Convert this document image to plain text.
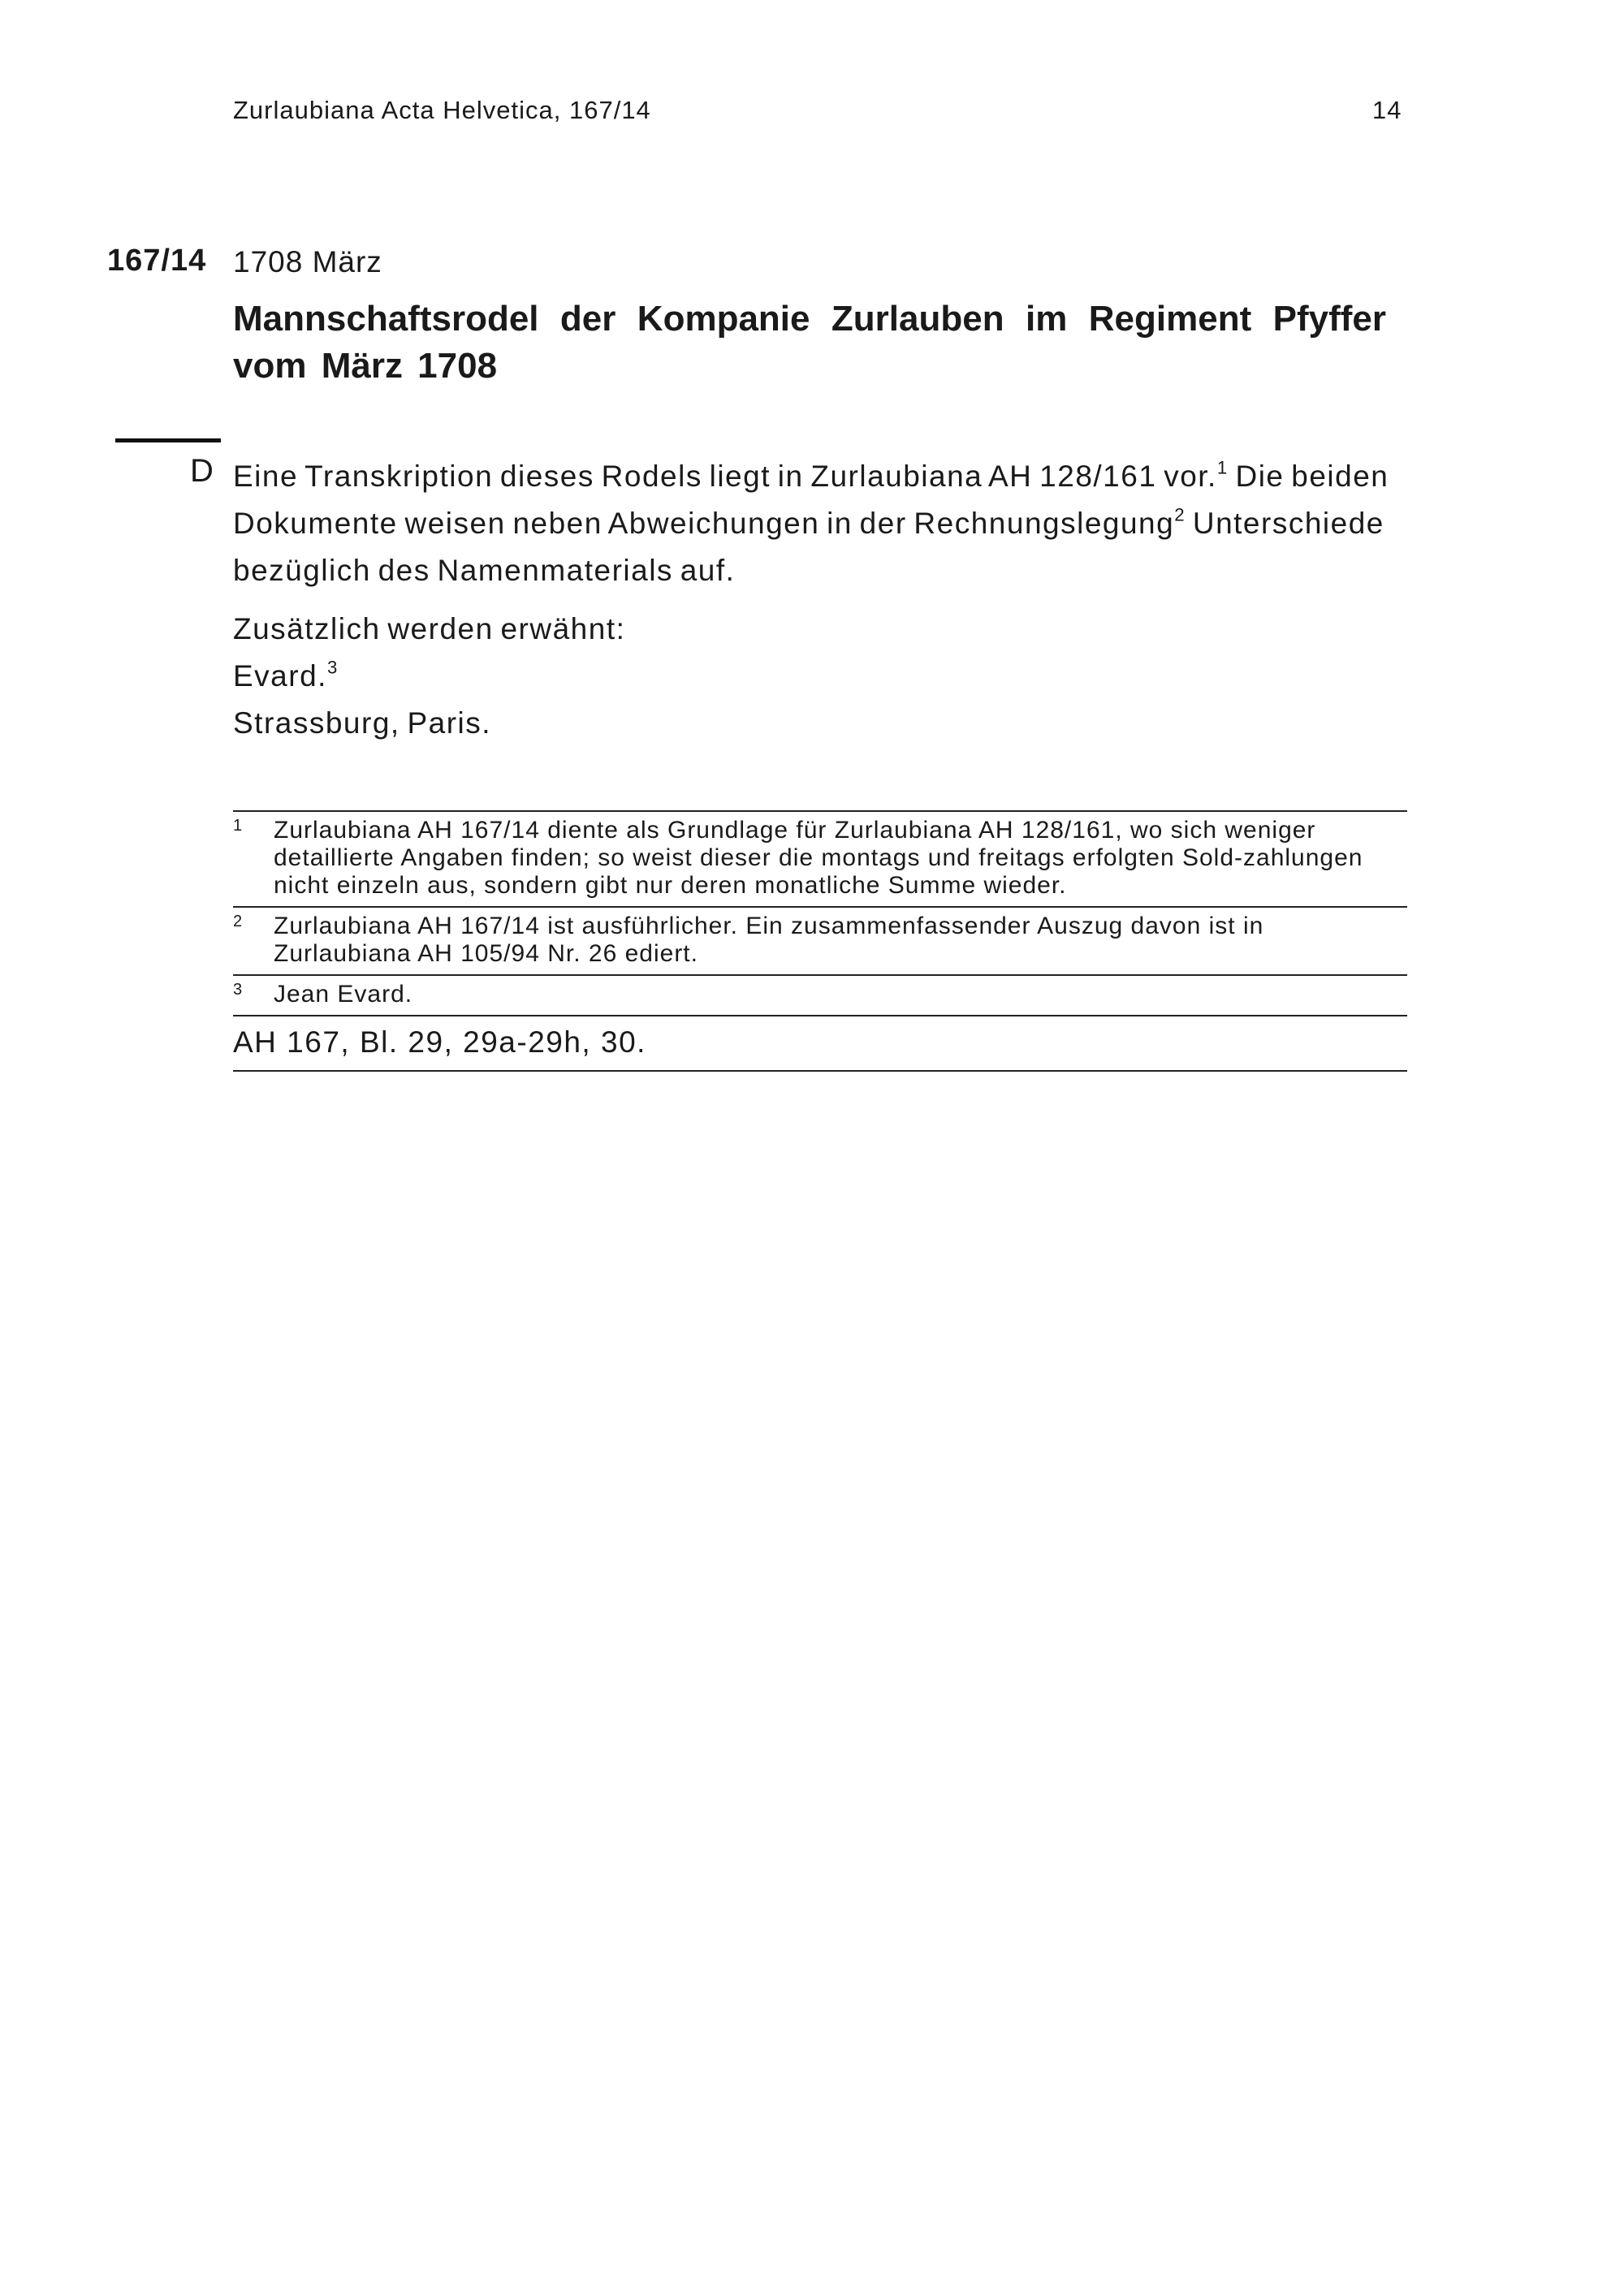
Zurlaubiana Acta Helvetica, 167/14	14
167/14 1708 März
Mannschaftsrodel der Kompanie Zurlauben im Regiment Pfyffer vom März 1708
D Eine Transkription dieses Rodels liegt in Zurlaubiana AH 128/161 vor.$^1$ Die beiden Dokumente weisen neben Abweichungen in der Rechnungslegung$^2$ Unterschiede bezüglich des Namenmaterials auf.

Zusätzlich werden erwähnt:

Evard.$^3$

Strassburg, Paris.

1	Zurlaubiana AH 167/14 diente als Grundlage für Zurlaubiana AH 128/161, wo sich weniger detaillierte Angaben finden; so weist dieser die montags und freitags erfolgten Sold-zahlungen nicht einzeln aus, sondern gibt nur deren monatliche Summe wieder.
2	Zurlaubiana AH 167/14 ist ausführlicher. Ein zusammenfassender Auszug davon ist in Zurlaubiana AH 105/94 Nr. 26 ediert.
3	Jean Evard.
AH 167, Bl. 29, 29a-29h, 30.
